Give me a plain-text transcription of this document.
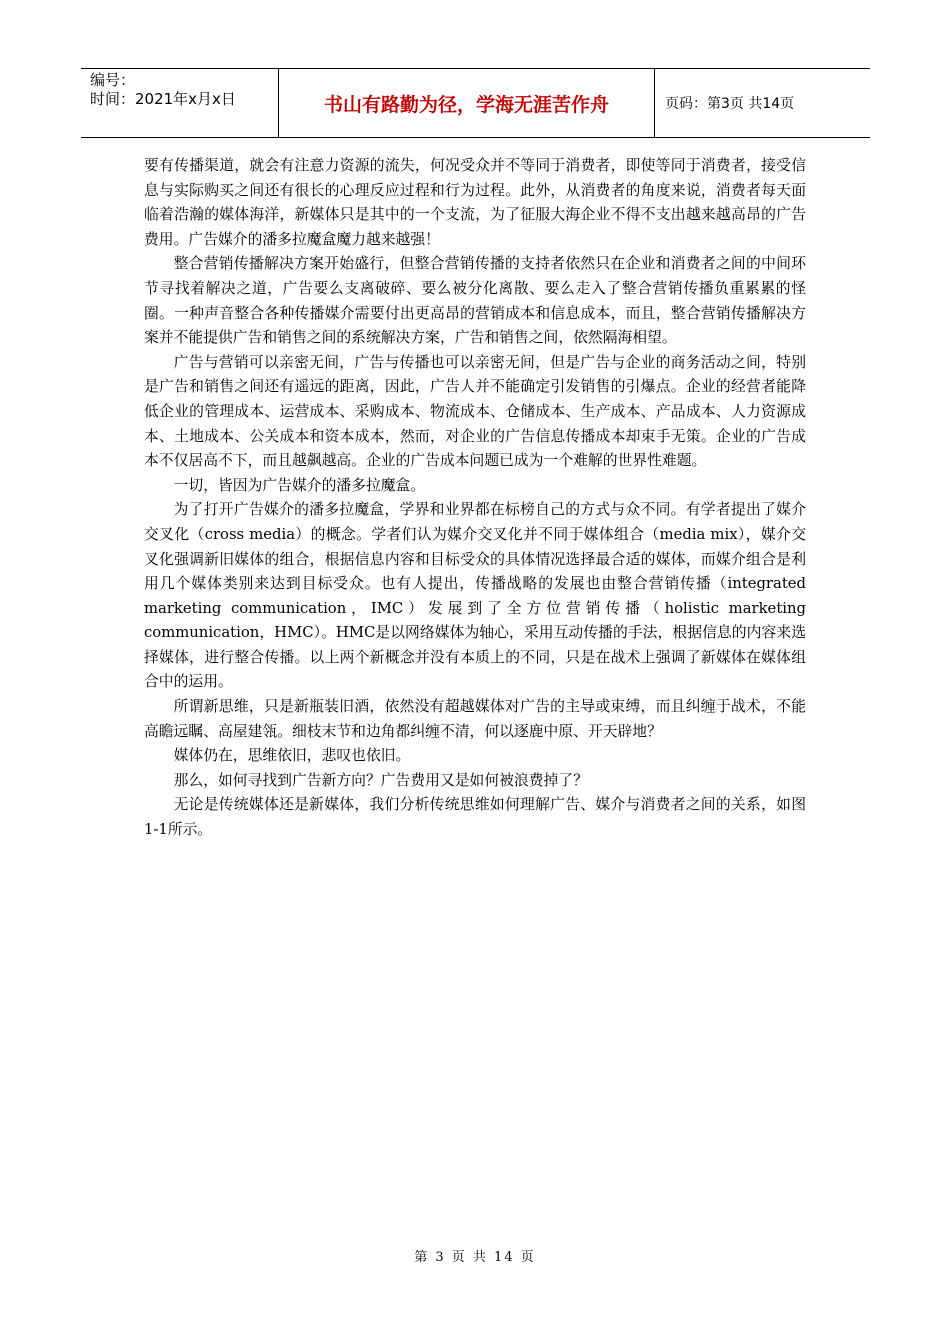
编号：
时间：2021年x月x日	书山有路勤为径，学海无涯苦作舟	页码：第3页 共14页

要有传播渠道，就会有注意力资源的流失，何况受众并不等同于消费者，即使等同于消费者，接受信息与实际购买之间还有很长的心理反应过程和行为过程。此外，从消费者的角度来说，消费者每天面临着浩瀚的媒体海洋，新媒体只是其中的一个支流，为了征服大海企业不得不支出越来越高昂的广告费用。广告媒介的潘多拉魔盒魔力越来越强！

整合营销传播解决方案开始盛行，但整合营销传播的支持者依然只在企业和消费者之间的中间环节寻找着解决之道，广告要么支离破碎、要么被分化离散、要么走入了整合营销传播负重累累的怪圈。一种声音整合各种传播媒介需要付出更高昂的营销成本和信息成本，而且，整合营销传播解决方案并不能提供广告和销售之间的系统解决方案，广告和销售之间，依然隔海相望。

广告与营销可以亲密无间，广告与传播也可以亲密无间，但是广告与企业的商务活动之间，特别是广告和销售之间还有遥远的距离，因此，广告人并不能确定引发销售的引爆点。企业的经营者能降低企业的管理成本、运营成本、采购成本、物流成本、仓储成本、生产成本、产品成本、人力资源成本、土地成本、公关成本和资本成本，然而，对企业的广告信息传播成本却束手无策。企业的广告成本不仅居高不下，而且越飙越高。企业的广告成本问题已成为一个难解的世界性难题。

一切，皆因为广告媒介的潘多拉魔盒。

为了打开广告媒介的潘多拉魔盒，学界和业界都在标榜自己的方式与众不同。有学者提出了媒介交叉化（cross media）的概念。学者们认为媒介交叉化并不同于媒体组合（media mix），媒介交叉化强调新旧媒体的组合，根据信息内容和目标受众的具体情况选择最合适的媒体，而媒介组合是利用几个媒体类别来达到目标受众。也有人提出，传播战略的发展也由整合营销传播（integrated marketing communication，IMC）发展到了全方位营销传播（holistic marketing communication，HMC）。HMC是以网络媒体为轴心，采用互动传播的手法，根据信息的内容来选择媒体，进行整合传播。以上两个新概念并没有本质上的不同，只是在战术上强调了新媒体在媒体组合中的运用。

所谓新思维，只是新瓶装旧酒，依然没有超越媒体对广告的主导或束缚，而且纠缠于战术，不能高瞻远瞩、高屋建瓴。细枝末节和边角都纠缠不清，何以逐鹿中原、开天辟地？

媒体仍在，思维依旧，悲叹也依旧。

那么，如何寻找到广告新方向？广告费用又是如何被浪费掉了？

无论是传统媒体还是新媒体，我们分析传统思维如何理解广告、媒介与消费者之间的关系，如图1-1所示。

第 3 页 共 14 页
